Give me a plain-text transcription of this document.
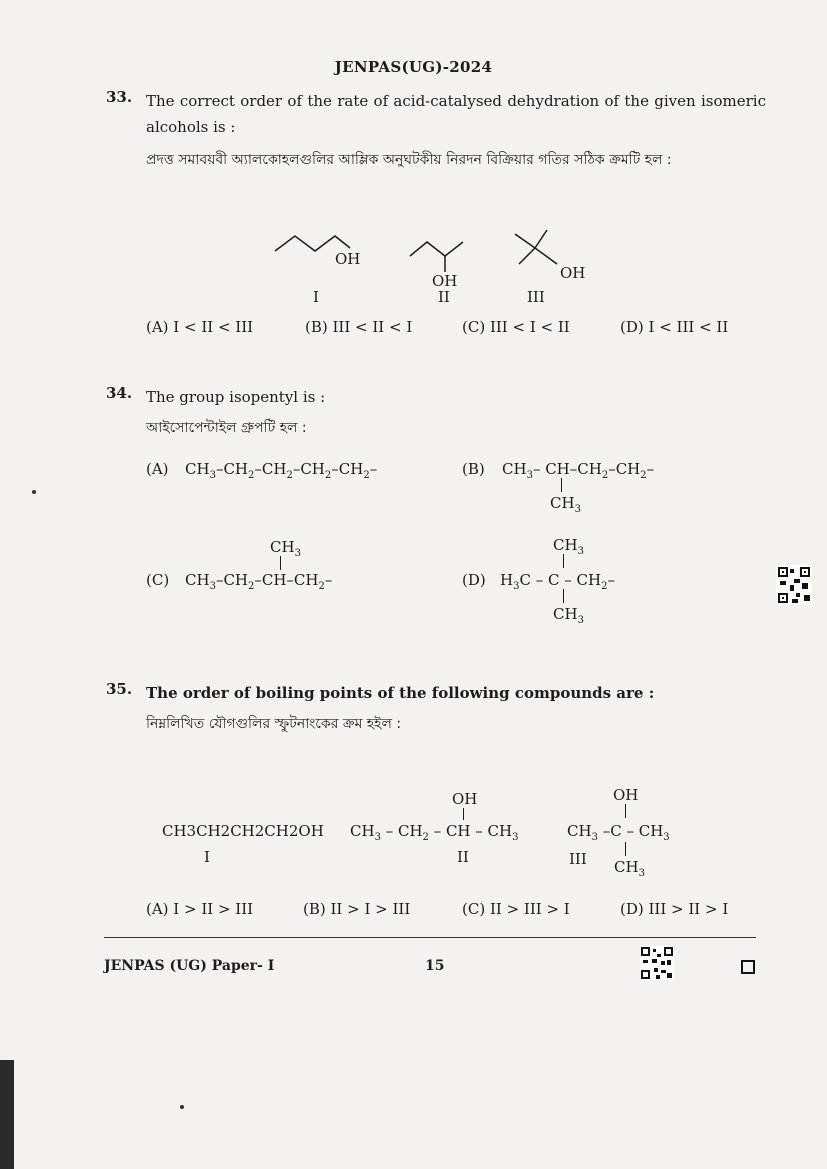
JENPAS(UG)-2024
33. The correct order of the rate of acid-catalysed dehydration of the given isomeric alcohols is :
প্রদত্ত সমাবয়বী অ্যালকোহলগুলির আম্লিক অনুঘটকীয় নিরদন বিক্রিয়ার গতির সঠিক ক্রমটি হল :
OH
I
OH
II
OH
III
(A) I < II < III	(B) III < II < I	(C) III < I < II	(D) I < III < II
34. The group isopentyl is :
আইসোপেন্টাইল গ্রুপটি হল :
(A) $CH_3-CH_2-CH_2-CH_2-CH_2-$	(B) $CH_3-$ $CH-CH_2-CH_2-$
$CH_3$
$CH_3$
(C) $CH_3-CH_2-CH-CH_2-$
$CH_3$
(D) $H_3C$ – C – $CH_2-$
$CH_3$
35. The order of boiling points of the following compounds are :
নিম্নলিখিত যৌগগুলির স্ফুটনাংকের ক্রম হইল :
CH3CH2CH2CH2OH
I
OH
$CH_3 - CH_2$ – CH – $CH_3$
II
OH
$CH_3$ $-C - CH_3$
III $CH_3$
(A) I > II > III	(B) II > I > III	(C) II > III > I	(D) III > II > I
JENPAS (UG) Paper- I	15
